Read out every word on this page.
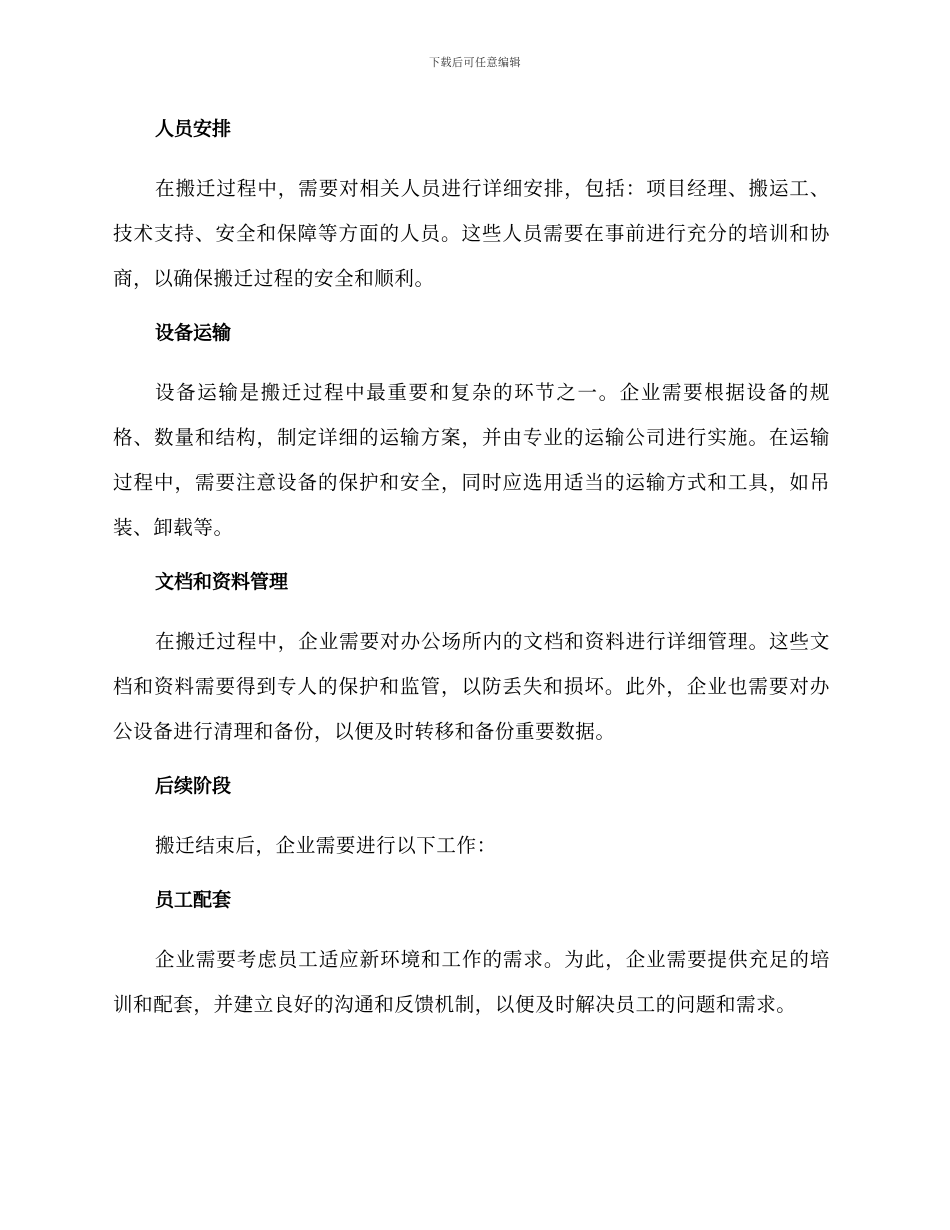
下载后可任意编辑
人员安排

在搬迁过程中，需要对相关人员进行详细安排，包括：项目经理、搬运工、技术支持、安全和保障等方面的人员。这些人员需要在事前进行充分的培训和协商，以确保搬迁过程的安全和顺利。

设备运输

设备运输是搬迁过程中最重要和复杂的环节之一。企业需要根据设备的规格、数量和结构，制定详细的运输方案，并由专业的运输公司进行实施。在运输过程中，需要注意设备的保护和安全，同时应选用适当的运输方式和工具，如吊装、卸载等。

文档和资料管理

在搬迁过程中，企业需要对办公场所内的文档和资料进行详细管理。这些文档和资料需要得到专人的保护和监管，以防丢失和损坏。此外，企业也需要对办公设备进行清理和备份，以便及时转移和备份重要数据。

后续阶段

搬迁结束后，企业需要进行以下工作：

员工配套

企业需要考虑员工适应新环境和工作的需求。为此，企业需要提供充足的培训和配套，并建立良好的沟通和反馈机制，以便及时解决员工的问题和需求。
